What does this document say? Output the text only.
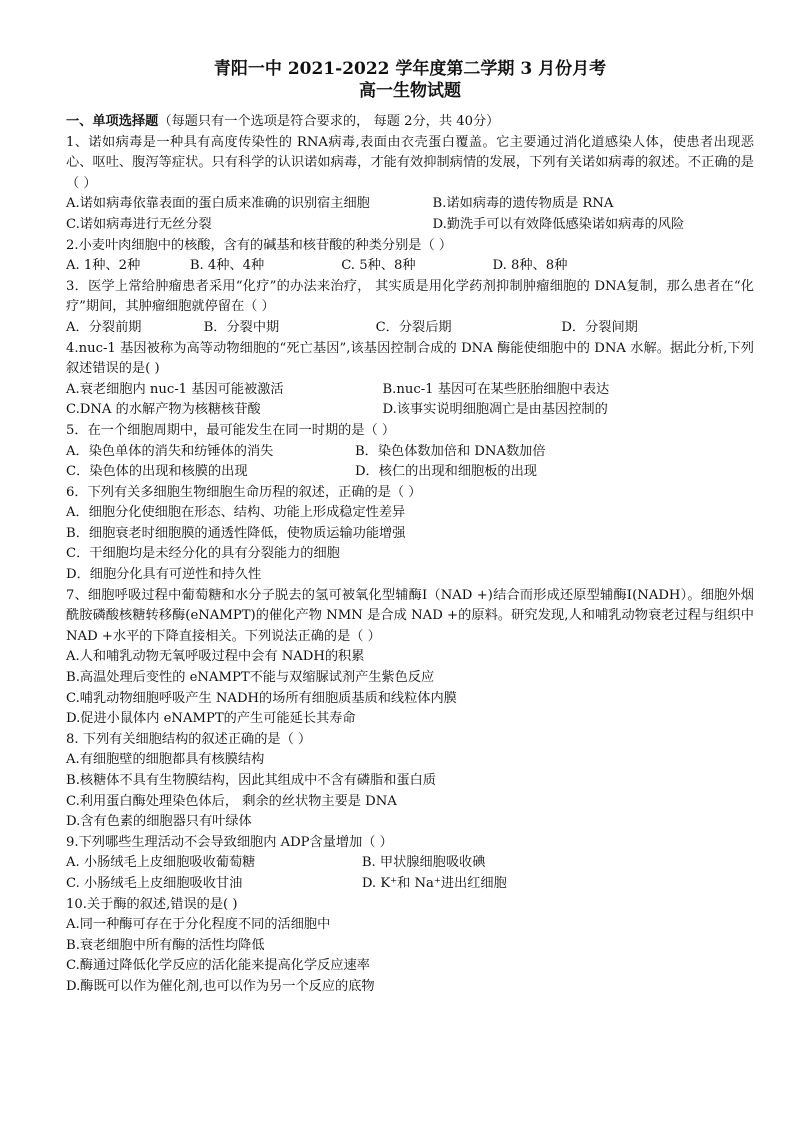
青阳一中 2021-2022 学年度第二学期 3 月份月考

高一生物试题

一、单项选择题（每题只有一个选项是符合要求的， 每题 2分，共 40分）

1、诺如病毒是一种具有高度传染性的 RNA病毒,表面由衣壳蛋白覆盖。它主要通过消化道感染人体，使患者出现恶心、呕吐、腹泻等症状。只有科学的认识诺如病毒，才能有效抑制病情的发展，下列有关诺如病毒的叙述。不正确的是（ ）

A.诺如病毒依靠表面的蛋白质来准确的识别宿主细胞	B.诺如病毒的遗传物质是 RNA
C.诺如病毒进行无丝分裂	D.勤洗手可以有效降低感染诺如病毒的风险

2.小麦叶肉细胞中的核酸，含有的碱基和核苷酸的种类分别是（ ）

A. 1种、2种	B. 4种、4种	C. 5种、8种	D. 8种、8种

3．医学上常给肿瘤患者采用“化疗”的办法来治疗， 其实质是用化学药剂抑制肿瘤细胞的 DNA复制，那么患者在“化疗”期间，其肿瘤细胞就停留在（ ）

A．分裂前期	B．分裂中期	C．分裂后期	D．分裂间期

4.nuc-1 基因被称为高等动物细胞的“死亡基因”,该基因控制合成的 DNA 酶能使细胞中的 DNA 水解。据此分析,下列叙述错误的是( )

A.衰老细胞内 nuc-1 基因可能被激活	B.nuc-1 基因可在某些胚胎细胞中表达
C.DNA 的水解产物为核糖核苷酸	D.该事实说明细胞凋亡是由基因控制的

5．在一个细胞周期中，最可能发生在同一时期的是（ ）

A．染色单体的消失和纺锤体的消失	B．染色体数加倍和 DNA数加倍
C．染色体的出现和核膜的出现	D．核仁的出现和细胞板的出现

6．下列有关多细胞生物细胞生命历程的叙述，正确的是（ ）

A．细胞分化使细胞在形态、结构、功能上形成稳定性差异

B．细胞衰老时细胞膜的通透性降低，使物质运输功能增强

C．干细胞均是未经分化的具有分裂能力的细胞

D．细胞分化具有可逆性和持久性

7、细胞呼吸过程中葡萄糖和水分子脱去的氢可被氧化型辅酶Ⅰ（NAD +)结合而形成还原型辅酶Ⅰ(NADH）。细胞外烟酰胺磷酸核糖转移酶(eNAMPT)的催化产物 NMN 是合成 NAD +的原料。研究发现,人和哺乳动物衰老过程与组织中 NAD +水平的下降直接相关。下列说法正确的是（ ）

A.人和哺乳动物无氧呼吸过程中会有 NADH的积累

B.高温处理后变性的 eNAMPT不能与双缩脲试剂产生紫色反应

C.哺乳动物细胞呼吸产生 NADH的场所有细胞质基质和线粒体内膜

D.促进小鼠体内 eNAMPT的产生可能延长其寿命

8. 下列有关细胞结构的叙述正确的是（ ）

A.有细胞壁的细胞都具有核膜结构

B.核糖体不具有生物膜结构，因此其组成中不含有磷脂和蛋白质

C.利用蛋白酶处理染色体后， 剩余的丝状物主要是 DNA

D.含有色素的细胞器只有叶绿体

9.下列哪些生理活动不会导致细胞内 ADP含量增加（ ）

A. 小肠绒毛上皮细胞吸收葡萄糖	B. 甲状腺细胞吸收碘
C. 小肠绒毛上皮细胞吸收甘油	D. K⁺和 Na⁺进出红细胞

10.关于酶的叙述,错误的是( )

A.同一种酶可存在于分化程度不同的活细胞中

B.衰老细胞中所有酶的活性均降低

C.酶通过降低化学反应的活化能来提高化学反应速率

D.酶既可以作为催化剂,也可以作为另一个反应的底物
